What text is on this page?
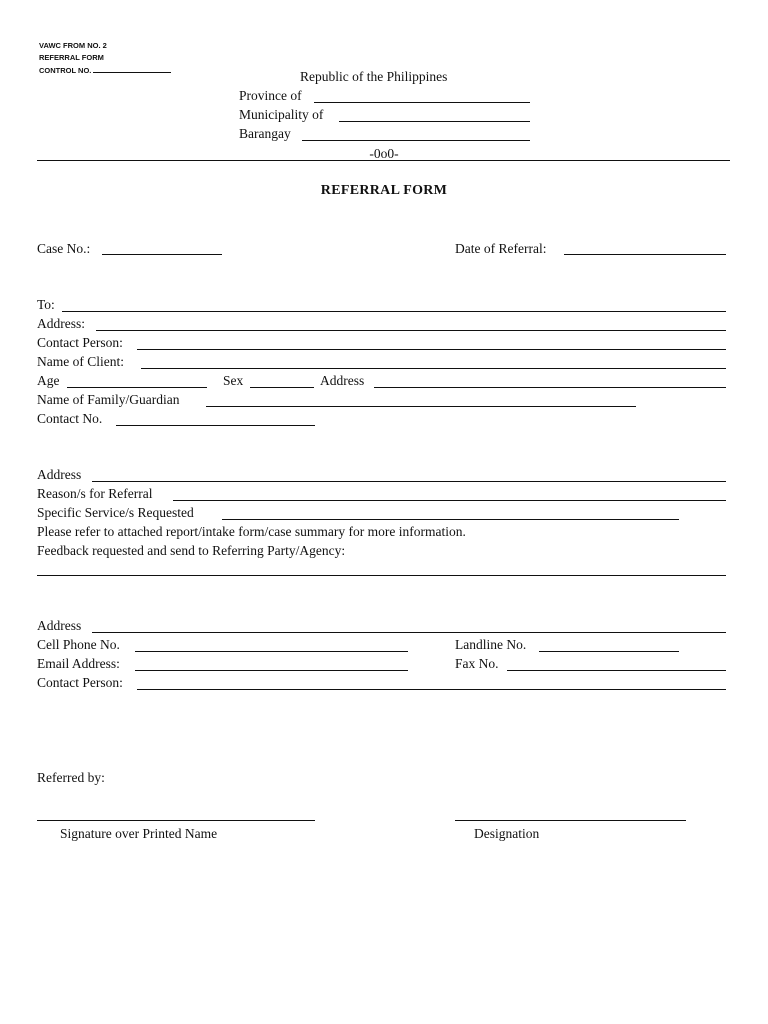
VAWC FROM NO. 2
REFERRAL FORM
CONTROL NO.	Republic of the Philippines
Province of
Municipality of
Barangay
-0o0-
REFERRAL FORM
Case No.:	Date of Referral:
To:
Address:
Contact Person:
Name of Client:
Age	Sex	Address
Name of Family/Guardian
Contact No.
Address
Reason/s for Referral
Specific Service/s Requested
Please refer to attached report/intake form/case summary for more information.
Feedback requested and send to Referring Party/Agency:
Address
Cell Phone No.	Landline No.
Email Address:	Fax No.
Contact Person:
Referred by:
Signature over Printed Name	Designation
